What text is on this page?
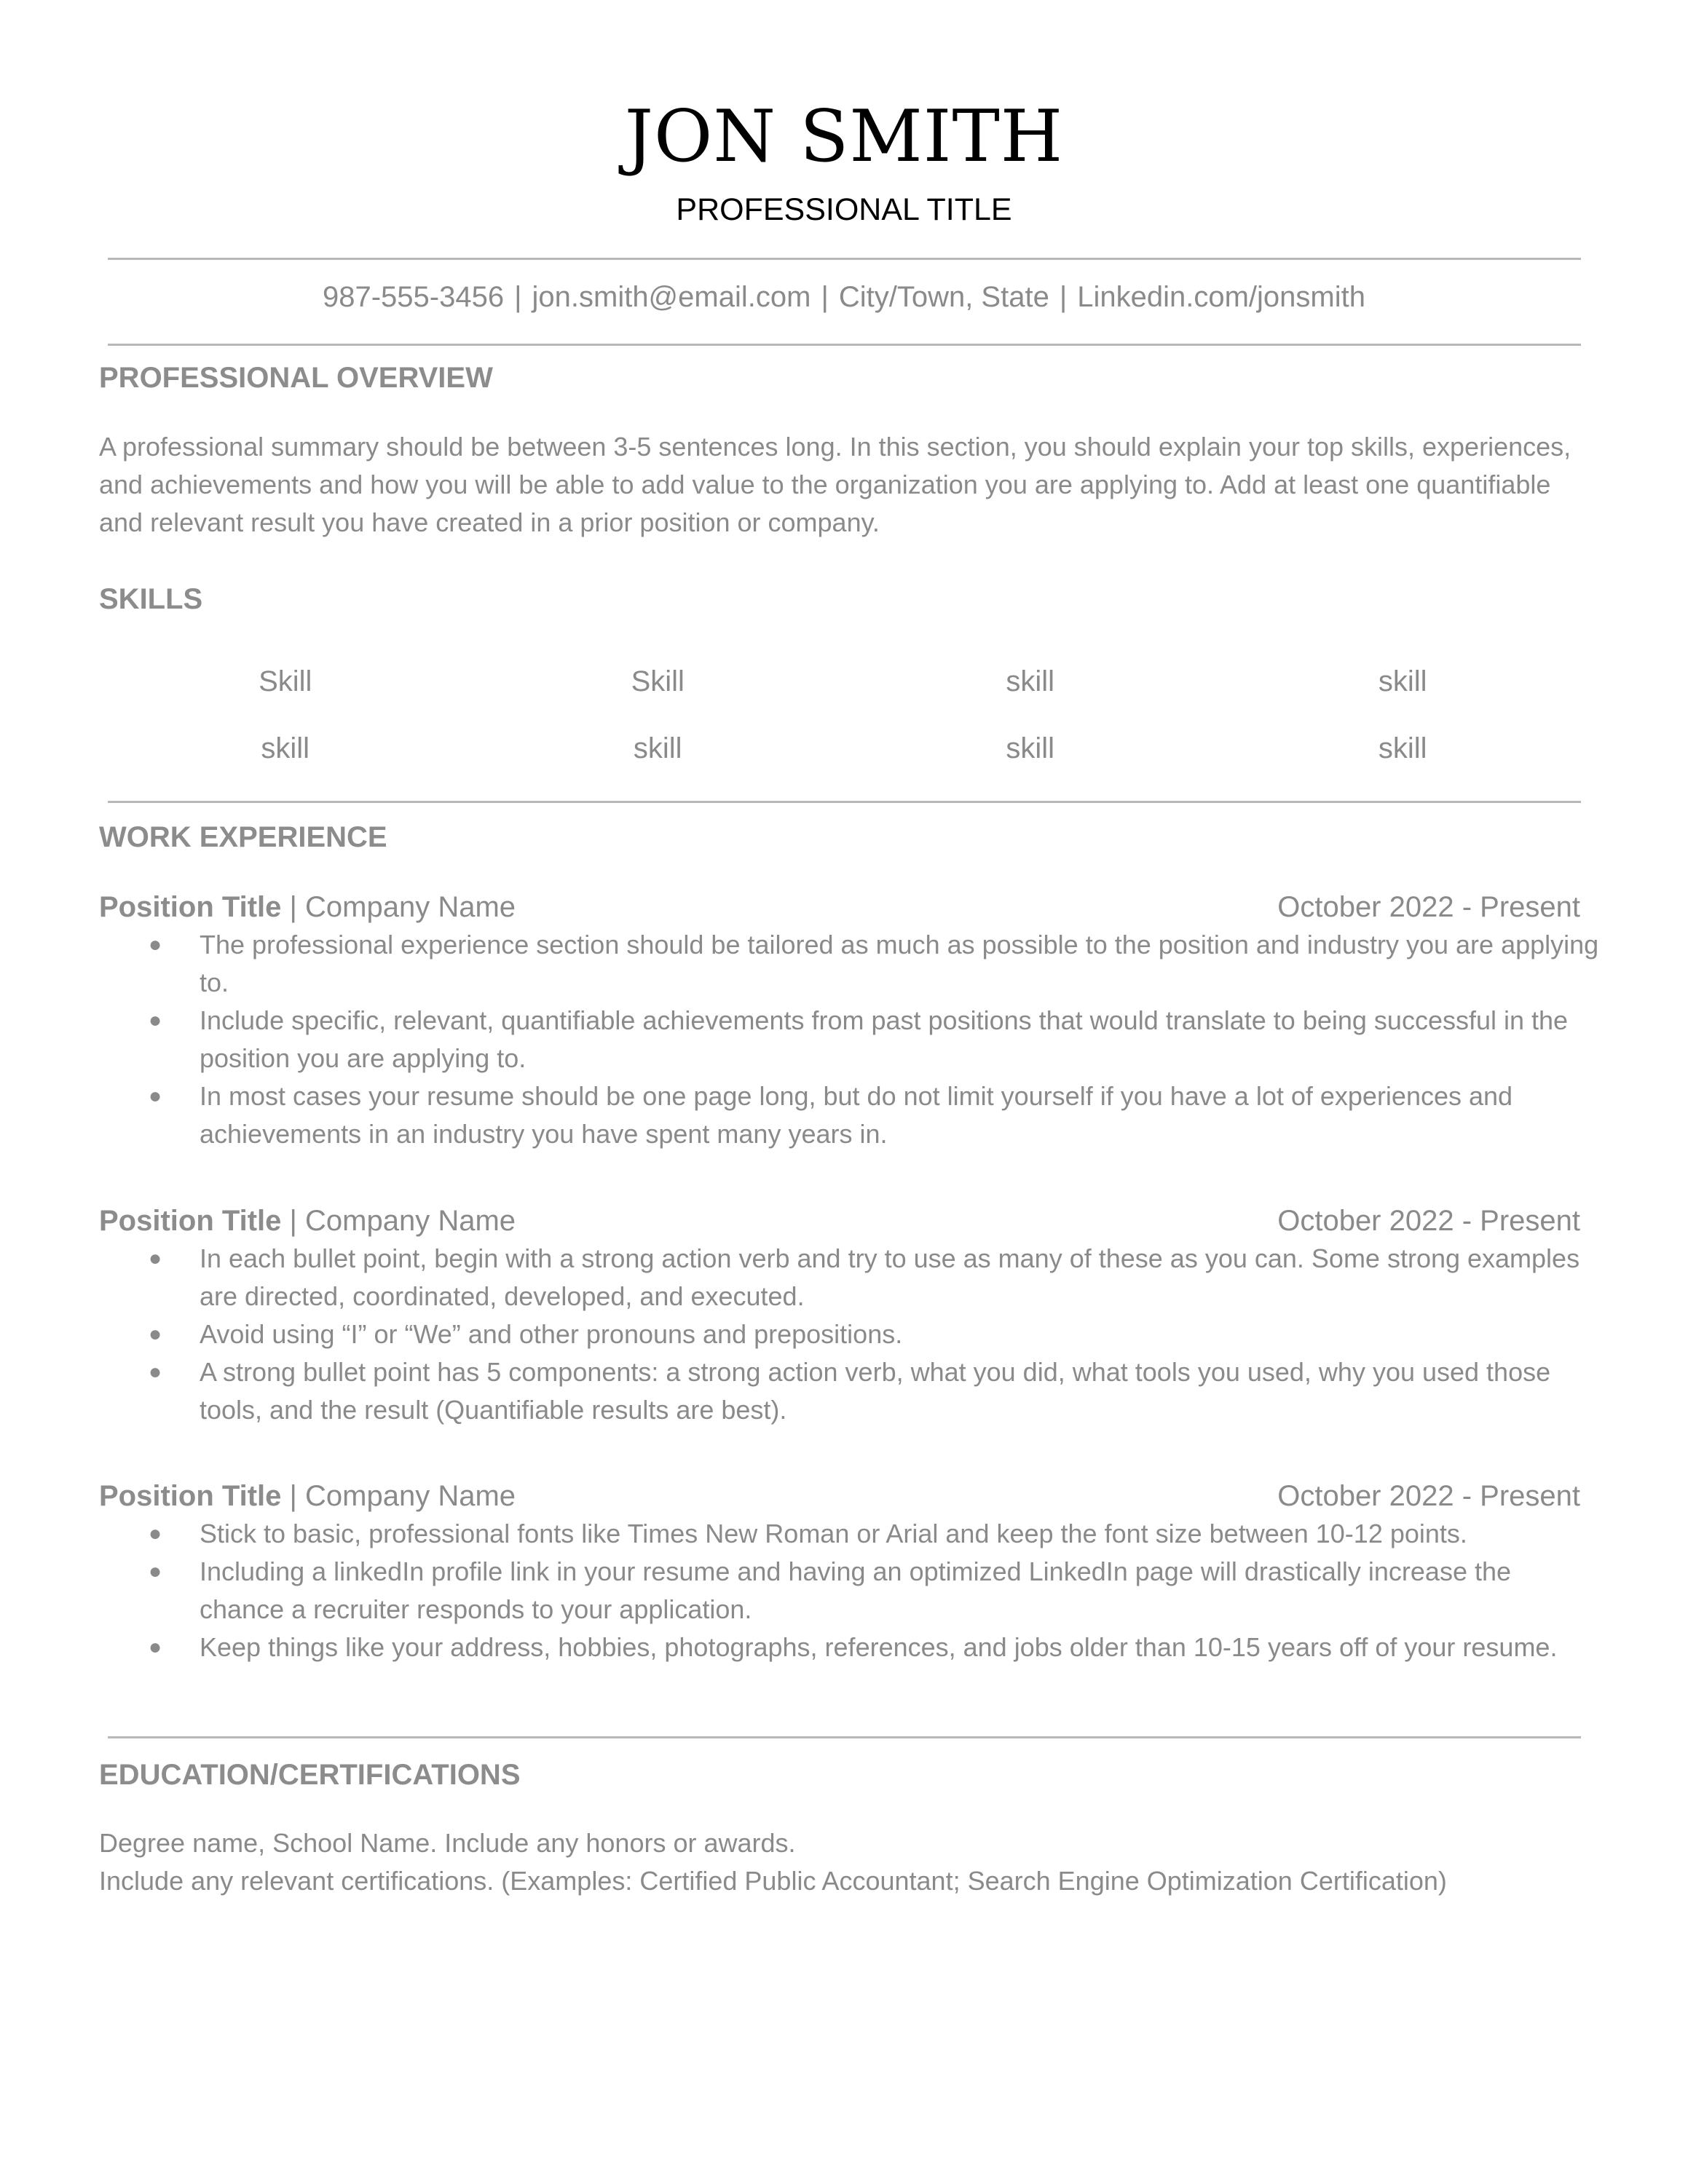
JON SMITH
PROFESSIONAL TITLE
987-555-3456 | jon.smith@email.com | City/Town, State | Linkedin.com/jonsmith
PROFESSIONAL OVERVIEW

A professional summary should be between 3-5 sentences long. In this section, you should explain your top skills, experiences, and achievements and how you will be able to add value to the organization you are applying to. Add at least one quantifiable and relevant result you have created in a prior position or company.

SKILLS
Skill	Skill	skill	skill
skill	skill	skill	skill
WORK EXPERIENCE
Position Title | Company Name	October 2022 - Present
● The professional experience section should be tailored as much as possible to the position and industry you are applying to.
● Include specific, relevant, quantifiable achievements from past positions that would translate to being successful in the position you are applying to.
● In most cases your resume should be one page long, but do not limit yourself if you have a lot of experiences and achievements in an industry you have spent many years in.
Position Title | Company Name	October 2022 - Present
● In each bullet point, begin with a strong action verb and try to use as many of these as you can. Some strong examples are directed, coordinated, developed, and executed.
● Avoid using “I” or “We” and other pronouns and prepositions.
● A strong bullet point has 5 components: a strong action verb, what you did, what tools you used, why you used those tools, and the result (Quantifiable results are best).
Position Title | Company Name	October 2022 - Present
● Stick to basic, professional fonts like Times New Roman or Arial and keep the font size between 10-12 points.
● Including a linkedIn profile link in your resume and having an optimized LinkedIn page will drastically increase the chance a recruiter responds to your application.
● Keep things like your address, hobbies, photographs, references, and jobs older than 10-15 years off of your resume.
EDUCATION/CERTIFICATIONS
Degree name, School Name. Include any honors or awards.
Include any relevant certifications. (Examples: Certified Public Accountant; Search Engine Optimization Certification)
